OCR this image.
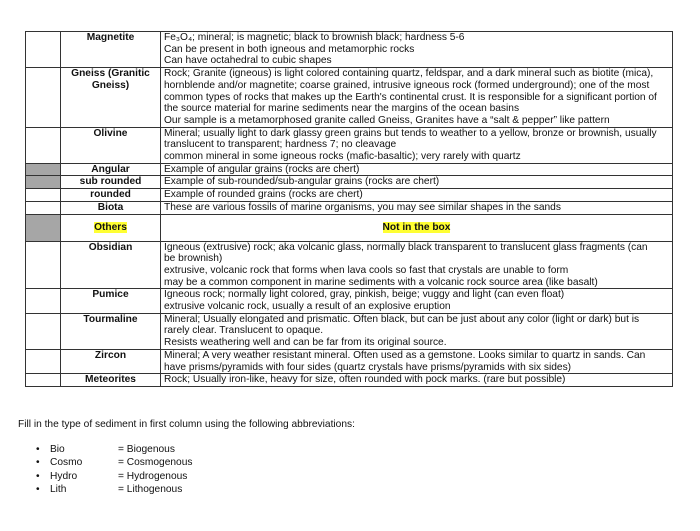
	Magnetite	Fe₃O₄; mineral; is magnetic; black to brownish black; hardness 5-6
Can be present in both igneous and metamorphic rocks
Can have octahedral to cubic shapes

	Gneiss (Granitic Gneiss)	Rock; Granite (igneous) is light colored containing quartz, feldspar, and a dark mineral such as biotite (mica),
hornblende and/or magnetite; coarse grained, intrusive igneous rock (formed underground); one of the most
common types of rocks that makes up the Earth's continental crust. It is responsible for a significant portion of
the source material for marine sediments near the margins of the ocean basins
Our sample is a metamorphosed granite called Gneiss, Granites have a “salt & pepper” like pattern

	Olivine	Mineral; usually light to dark glassy green grains but tends to weather to a yellow, bronze or brownish, usually
translucent to transparent; hardness 7; no cleavage
common mineral in some igneous rocks (mafic-basaltic); very rarely with quartz

	Angular	Example of angular grains (rocks are chert)

	sub rounded	Example of sub-rounded/sub-angular grains (rocks are chert)

	rounded	Example of rounded grains (rocks are chert)

	Biota	These are various fossils of marine organisms, you may see similar shapes in the sands

	Others	Not in the box
	Obsidian	Igneous (extrusive) rock; aka volcanic glass, normally black transparent to translucent glass fragments (can
be brownish)
extrusive, volcanic rock that forms when lava cools so fast that crystals are unable to form
may be a common component in marine sediments with a volcanic rock source area (like basalt)

	Pumice	Igneous rock; normally light colored, gray, pinkish, beige; vuggy and light (can even float)
extrusive volcanic rock, usually a result of an explosive eruption

	Tourmaline	Mineral; Usually elongated and prismatic. Often black, but can be just about any color (light or dark) but is
rarely clear. Translucent to opaque.
Resists weathering well and can be far from its original source.

	Zircon	Mineral; A very weather resistant mineral. Often used as a gemstone. Looks similar to quartz in sands. Can
have prisms/pyramids with four sides (quartz crystals have prisms/pyramids with six sides)

	Meteorites	Rock; Usually iron-like, heavy for size, often rounded with pock marks. (rare but possible)
Fill in the type of sediment in first column using the following abbreviations:
•	Bio	= Biogenous
•	Cosmo	= Cosmogenous
•	Hydro	= Hydrogenous
•	Lith	= Lithogenous
